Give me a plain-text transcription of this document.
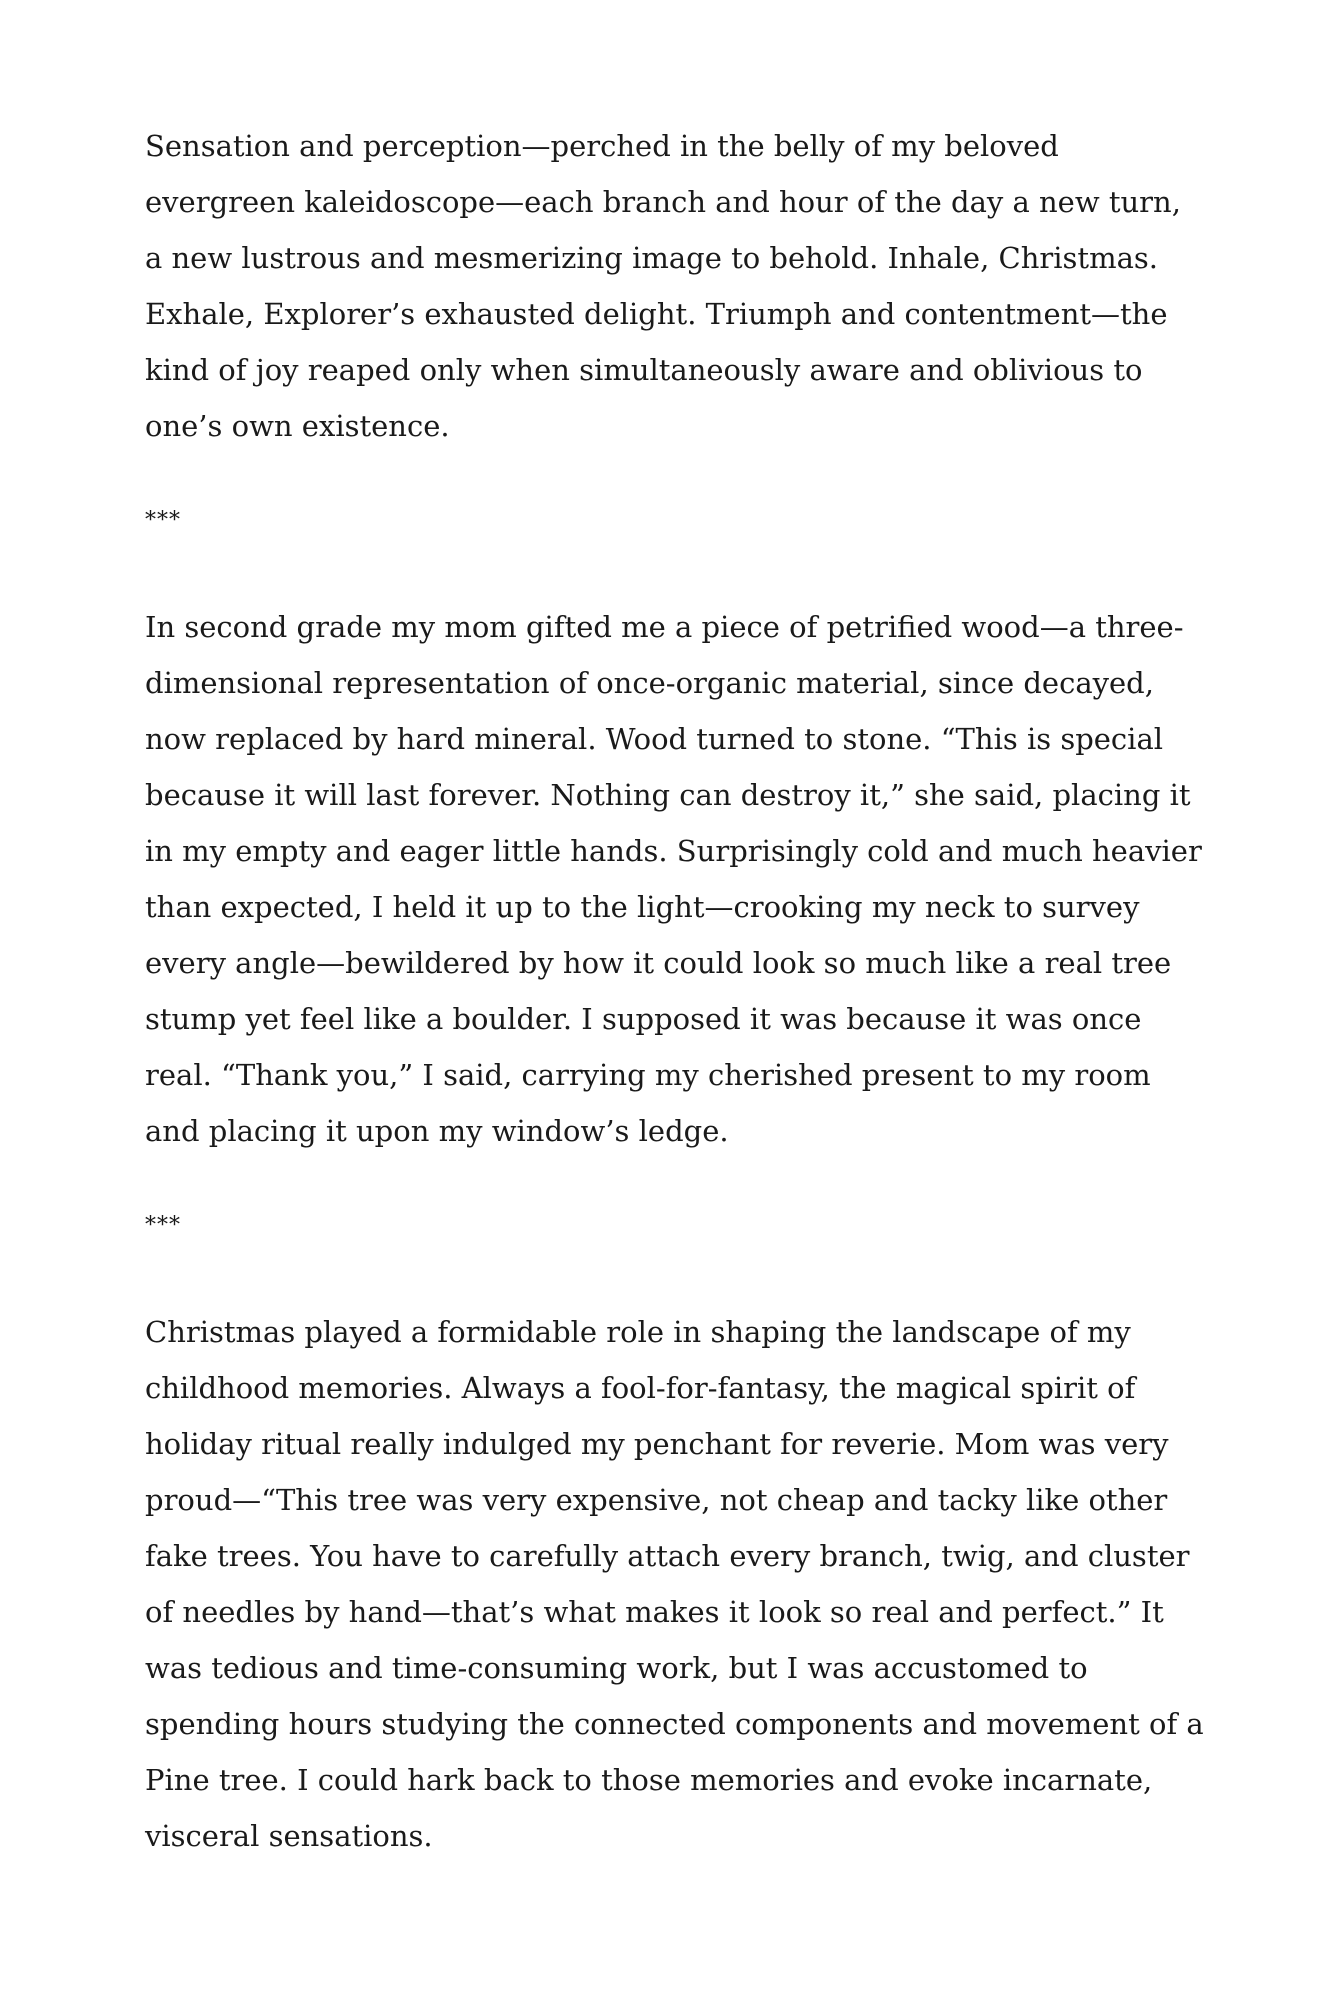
Sensation and perception—perched in the belly of my beloved evergreen kaleidoscope—each branch and hour of the day a new turn, a new lustrous and mesmerizing image to behold. Inhale, Christmas. Exhale, Explorer’s exhausted delight. Triumph and contentment—the kind of joy reaped only when simultaneously aware and oblivious to one’s own existence.

***

In second grade my mom gifted me a piece of petrified wood—a three-dimensional representation of once-organic material, since decayed, now replaced by hard mineral. Wood turned to stone. “This is special because it will last forever. Nothing can destroy it,” she said, placing it in my empty and eager little hands. Surprisingly cold and much heavier than expected, I held it up to the light—crooking my neck to survey every angle—bewildered by how it could look so much like a real tree stump yet feel like a boulder. I supposed it was because it was once real. “Thank you,” I said, carrying my cherished present to my room and placing it upon my window’s ledge.

***

Christmas played a formidable role in shaping the landscape of my childhood memories. Always a fool-for-fantasy, the magical spirit of holiday ritual really indulged my penchant for reverie. Mom was very proud—“This tree was very expensive, not cheap and tacky like other fake trees. You have to carefully attach every branch, twig, and cluster of needles by hand—that’s what makes it look so real and perfect.” It was tedious and time-consuming work, but I was accustomed to spending hours studying the connected components and movement of a Pine tree. I could hark back to those memories and evoke incarnate, visceral sensations.
